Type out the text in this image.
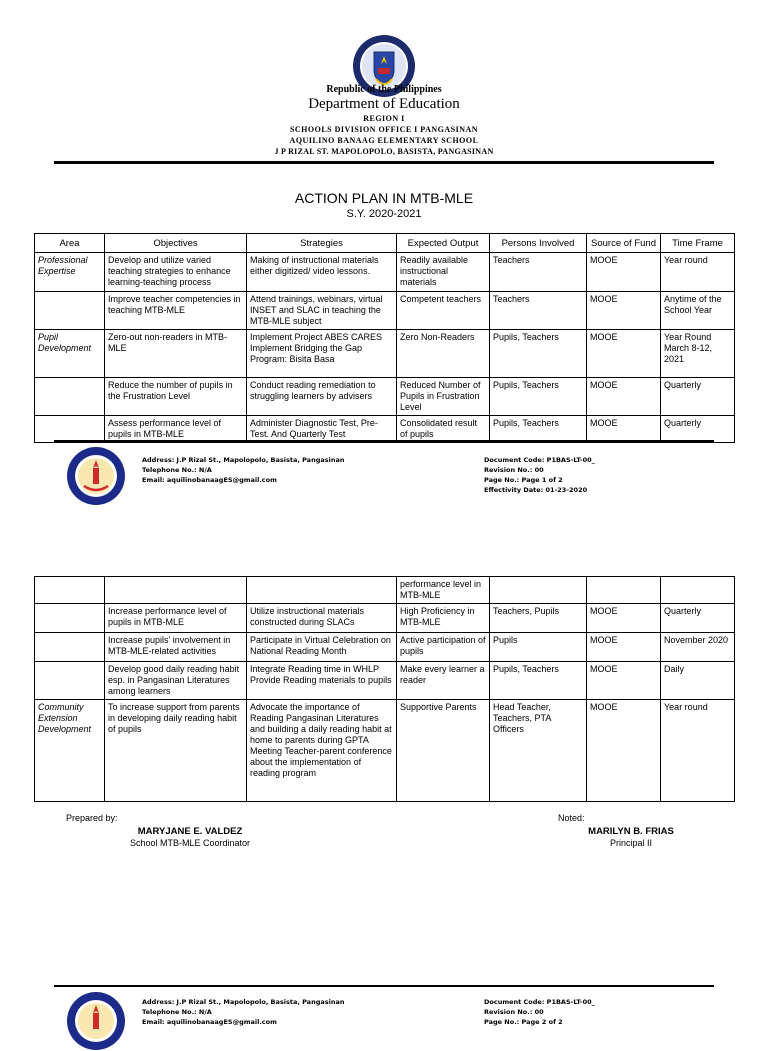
Republic of the Philippines
Department of Education
REGION I
SCHOOLS DIVISION OFFICE I PANGASINAN
AQUILINO BANAAG ELEMENTARY SCHOOL
J P RIZAL ST. MAPOLOPOLO, BASISTA, PANGASINAN
ACTION PLAN IN MTB-MLE
S.Y. 2020-2021
Area	Objectives	Strategies	Expected Output	Persons Involved	Source of Fund	Time Frame
Professional Expertise	Develop and utilize varied teaching strategies to enhance learning-teaching process	Making of instructional materials either digitized/ video lessons.	Readily available instructional materials	Teachers	MOOE	Year round
	Improve teacher competencies in teaching MTB-MLE	Attend trainings, webinars, virtual INSET and SLAC in teaching the MTB-MLE subject	Competent teachers	Teachers	MOOE	Anytime of the School Year
Pupil Development	Zero-out non-readers in MTB-MLE	Implement Project ABES CARES Implement Bridging the Gap Program: Bisita Basa	Zero Non-Readers	Pupils, Teachers	MOOE	Year Round March 8-12, 2021
	Reduce the number of pupils in the Frustration Level	Conduct reading remediation to struggling learners by advisers	Reduced Number of Pupils in Frustration Level	Pupils, Teachers	MOOE	Quarterly
	Assess performance level of pupils in MTB-MLE	Administer Diagnostic Test, Pre-Test. And Quarterly Test	Consolidated result of pupils	Pupils, Teachers	MOOE	Quarterly
Address: J.P Rizal St., Mapolopolo, Basista, Pangasinan
Telephone No.: N/A
Email: aquilinobanaagES@gmail.com
Document Code: P1BAS-LT-00_
Revision No.: 00
Page No.: Page 1 of 2
Effectivity Date: 01-23-2020
			performance level in MTB-MLE			
	Increase performance level of pupils in MTB-MLE	Utilize instructional materials constructed during SLACs	High Proficiency in MTB-MLE	Teachers, Pupils	MOOE	Quarterly
	Increase pupils' involvement in MTB-MLE-related activities	Participate in Virtual Celebration on National Reading Month	Active participation of pupils	Pupils	MOOE	November 2020
	Develop good daily reading habit esp. in Pangasinan Literatures among learners	Integrate Reading time in WHLP Provide Reading materials to pupils	Make every learner a reader	Pupils, Teachers	MOOE	Daily
Community Extension Development	To increase support from parents in developing daily reading habit of pupils	Advocate the importance of Reading Pangasinan Literatures and building a daily reading habit at home to parents during GPTA Meeting Teacher-parent conference about the implementation of reading program	Supportive Parents	Head Teacher, Teachers, PTA Officers	MOOE	Year round
Prepared by:
MARYJANE E. VALDEZ
School MTB-MLE Coordinator
Noted:
MARILYN B. FRIAS
Principal II
Address: J.P Rizal St., Mapolopolo, Basista, Pangasinan
Telephone No.: N/A
Email: aquilinobanaagES@gmail.com
Document Code: P1BAS-LT-00_
Revision No.: 00
Page No.: Page 2 of 2
